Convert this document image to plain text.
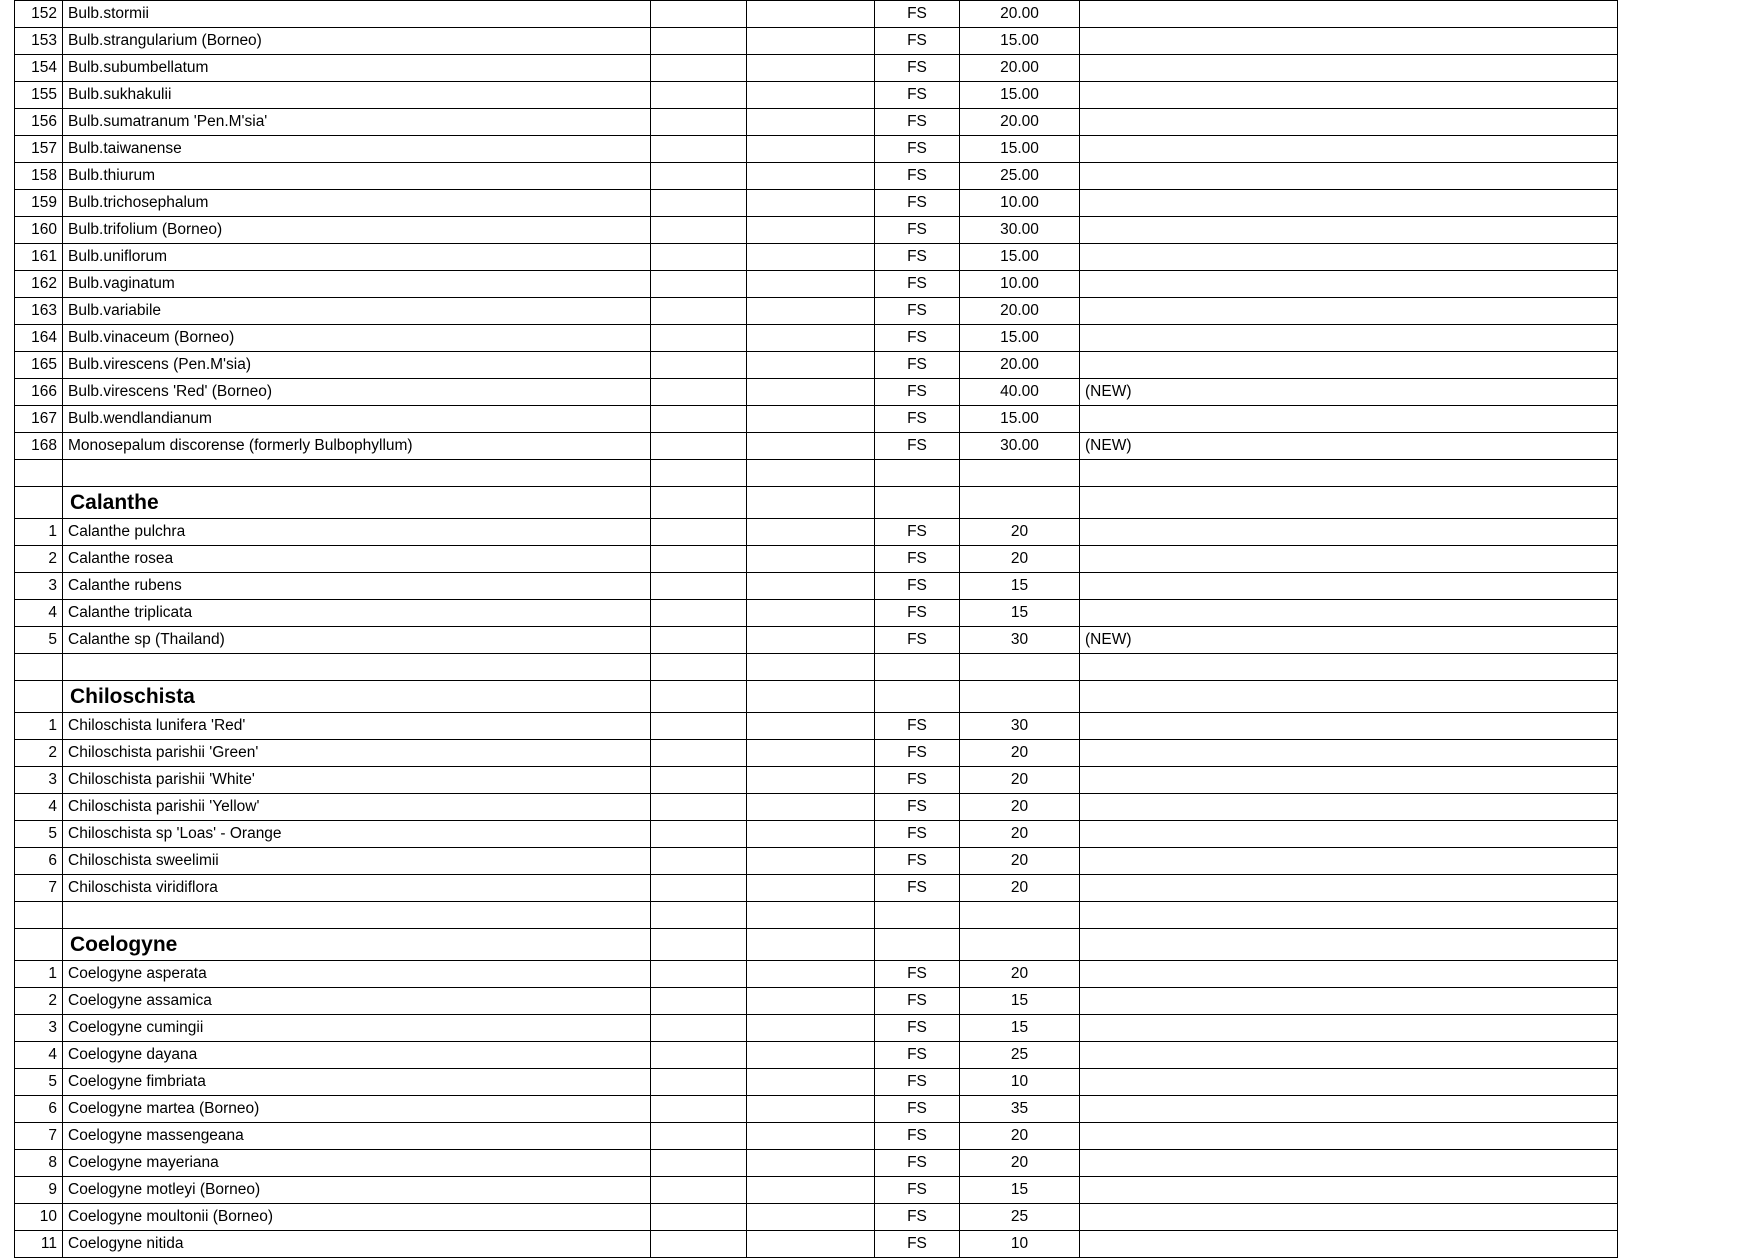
152	Bulb.stormii			FS	20.00	
153	Bulb.strangularium (Borneo)			FS	15.00	
154	Bulb.subumbellatum			FS	20.00	
155	Bulb.sukhakulii			FS	15.00	
156	Bulb.sumatranum 'Pen.M'sia'			FS	20.00	
157	Bulb.taiwanense			FS	15.00	
158	Bulb.thiurum			FS	25.00	
159	Bulb.trichosephalum			FS	10.00	
160	Bulb.trifolium (Borneo)			FS	30.00	
161	Bulb.uniflorum			FS	15.00	
162	Bulb.vaginatum			FS	10.00	
163	Bulb.variabile			FS	20.00	
164	Bulb.vinaceum (Borneo)			FS	15.00	
165	Bulb.virescens (Pen.M'sia)			FS	20.00	
166	Bulb.virescens 'Red' (Borneo)			FS	40.00	(NEW)
167	Bulb.wendlandianum			FS	15.00	
168	Monosepalum discorense (formerly Bulbophyllum)			FS	30.00	(NEW)

	Calanthe					
1	Calanthe pulchra			FS	20	
2	Calanthe rosea			FS	20	
3	Calanthe rubens			FS	15	
4	Calanthe triplicata			FS	15	
5	Calanthe sp (Thailand)			FS	30	(NEW)

	Chiloschista					
1	Chiloschista lunifera 'Red'			FS	30	
2	Chiloschista parishii 'Green'			FS	20	
3	Chiloschista parishii 'White'			FS	20	
4	Chiloschista parishii 'Yellow'			FS	20	
5	Chiloschista sp 'Loas' - Orange			FS	20	
6	Chiloschista sweelimii			FS	20	
7	Chiloschista viridiflora			FS	20	

	Coelogyne					
1	Coelogyne asperata			FS	20	
2	Coelogyne assamica			FS	15	
3	Coelogyne cumingii			FS	15	
4	Coelogyne dayana			FS	25	
5	Coelogyne fimbriata			FS	10	
6	Coelogyne martea (Borneo)			FS	35	
7	Coelogyne massengeana			FS	20	
8	Coelogyne mayeriana			FS	20	
9	Coelogyne motleyi (Borneo)			FS	15	
10	Coelogyne moultonii (Borneo)			FS	25	
11	Coelogyne nitida			FS	10	
